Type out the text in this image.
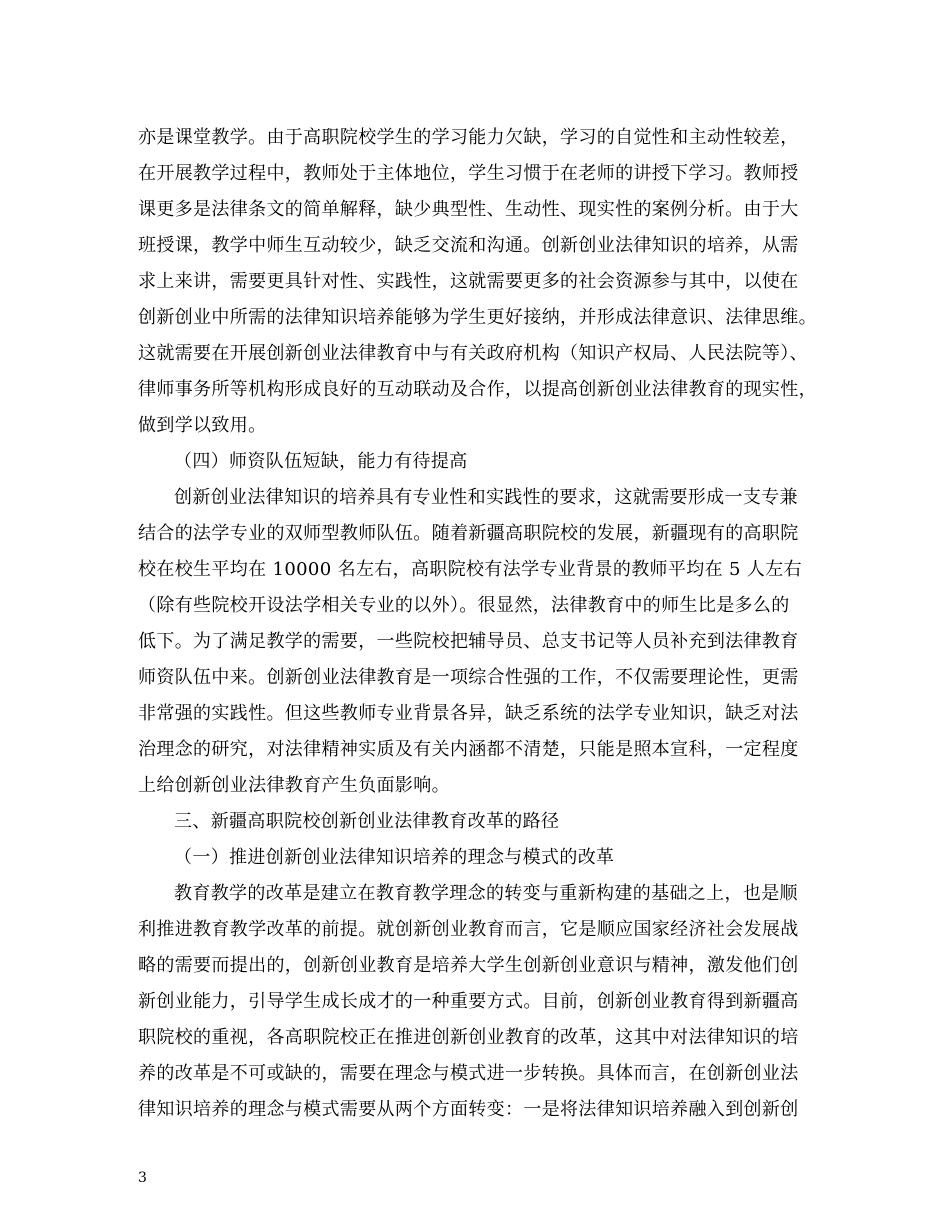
亦是课堂教学。由于高职院校学生的学习能力欠缺，学习的自觉性和主动性较差，
在开展教学过程中，教师处于主体地位，学生习惯于在老师的讲授下学习。教师授
课更多是法律条文的简单解释，缺少典型性、生动性、现实性的案例分析。由于大
班授课，教学中师生互动较少，缺乏交流和沟通。创新创业法律知识的培养，从需
求上来讲，需要更具针对性、实践性，这就需要更多的社会资源参与其中，以使在
创新创业中所需的法律知识培养能够为学生更好接纳，并形成法律意识、法律思维。
这就需要在开展创新创业法律教育中与有关政府机构（知识产权局、人民法院等）、
律师事务所等机构形成良好的互动联动及合作，以提高创新创业法律教育的现实性，
做到学以致用。
（四）师资队伍短缺，能力有待提高
创新创业法律知识的培养具有专业性和实践性的要求，这就需要形成一支专兼
结合的法学专业的双师型教师队伍。随着新疆高职院校的发展，新疆现有的高职院
校在校生平均在 10000 名左右，高职院校有法学专业背景的教师平均在 5 人左右
（除有些院校开设法学相关专业的以外）。很显然，法律教育中的师生比是多么的
低下。为了满足教学的需要，一些院校把辅导员、总支书记等人员补充到法律教育
师资队伍中来。创新创业法律教育是一项综合性强的工作，不仅需要理论性，更需
非常强的实践性。但这些教师专业背景各异，缺乏系统的法学专业知识，缺乏对法
治理念的研究，对法律精神实质及有关内涵都不清楚，只能是照本宣科，一定程度
上给创新创业法律教育产生负面影响。
三、新疆高职院校创新创业法律教育改革的路径
（一）推进创新创业法律知识培养的理念与模式的改革
教育教学的改革是建立在教育教学理念的转变与重新构建的基础之上，也是顺
利推进教育教学改革的前提。就创新创业教育而言，它是顺应国家经济社会发展战
略的需要而提出的，创新创业教育是培养大学生创新创业意识与精神，激发他们创
新创业能力，引导学生成长成才的一种重要方式。目前，创新创业教育得到新疆高
职院校的重视，各高职院校正在推进创新创业教育的改革，这其中对法律知识的培
养的改革是不可或缺的，需要在理念与模式进一步转换。具体而言，在创新创业法
律知识培养的理念与模式需要从两个方面转变：一是将法律知识培养融入到创新创
3
